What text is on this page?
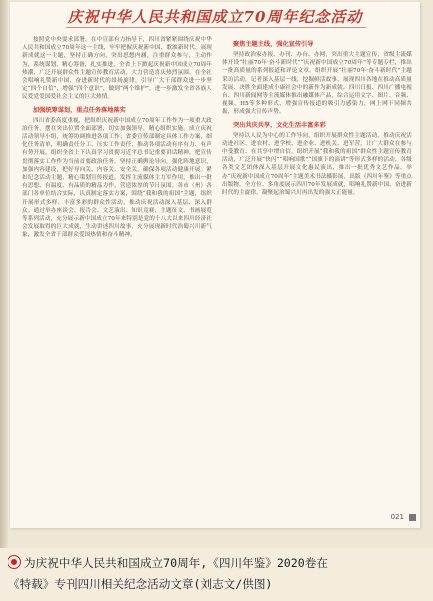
庆祝中华人民共和国成立70周年纪念活动
按照党中央要求部署，在中宣部有力指导下，四川省紧紧围绕庆祝中华人民共和国成立70周年这一主线，牢牢把握庆祝新中国、歌颂新时代、展现新成就这一主题，坚持正确方向，突出思想内涵，注重群众参与，主动作为，系统谋划，精心筹备，扎实推进，全省上下掀起庆祝新中国成立70周年热潮，广泛开展群众性主题宣传教育活动，大力营造喜庆热烈氛围，在全社会唱响礼赞新中国、奋进新时代的昂扬旋律，引导广大干部群众进一步坚定“四个自信”，增强“四个意识”，做到“两个维护”，进一步激发全省各族人民爱党爱国爱社会主义的巨大热情。
加强统筹谋划，重点任务落地落实
四川省委高度重视，把组织庆祝新中国成立70周年工作作为一项重大政治任务，摆在突出位置全面部署，切实加强领导，精心组织实施。成立庆祝活动领导小组，统筹协调推进各项工作；省委宣传部制定具体工作方案，细化任务清单，明确责任分工，压实工作责任，推动各项活动有序有力、有声有势开展。组织全省上下认真学习贯彻习近平总书记重要讲话精神，把宣传贯彻落实工作作为当前首要政治任务。坚持正确舆论导向，强化阵地意识，加强内容建设，把好导向关、内容关、安全关，确保各项活动健康开展。紧扣纪念活动主题，精心策划宣传报道，发挥主流媒体主力军作用，推出一批有思想、有温度、有品质的精品力作，营造浓厚的节日氛围。各市（州）各部门各单位结合实际，认真制定落实方案，围绕“我和我的祖国”主题，组织开展形式多样、丰富多彩的群众性活动，推动庆祝活动深入基层、深入群众。通过举办座谈会、报告会、文艺演出、知识竞赛、主题征文、书画展览等系列活动，充分展示新中国成立70年来特别是党的十八大以来四川经济社会发展取得的巨大成就，生动讲述四川故事，充分展现新时代治蜀兴川新气象，激发全省干部群众爱国热情和奋斗精神。
聚焦主题主线，强化宣传引导
坚持政治家办报、办刊、办台、办网，突出重大主题宣传，省级主流媒体开设“壮丽70年·奋斗新时代”“庆祝新中国成立70周年”等专题专栏，推出一批高质量的系列报道和评论文章。组织开展“壮丽70年·奋斗新时代”主题采访活动，记者深入基层一线，挖掘鲜活故事，展现四川各地在推动高质量发展、决胜全面建成小康社会中的新作为新成就。四川日报、四川广播电视台、四川新闻网等主流媒体推出融媒体产品，综合运用文字、图片、音频、视频、H5等多种形式，增强宣传报道的吸引力感染力，网上网下同频共振，形成强大宣传声势。
突出共庆共享，文化生活丰富多彩
坚持以人民为中心的工作导向，组织开展群众性主题活动，推动庆祝活动进社区、进农村、进学校、进企业、进机关、进军营，让广大群众在参与中受教育、在共享中增自信。组织开展“我和我的祖国”群众性主题宣传教育活动，广泛开展“快闪”“唱响国歌”“国旗下的演讲”等形式多样的活动，各级各类文艺团体深入基层开展文化惠民演出，推出一批优秀文艺作品。举办“庆祝新中国成立70周年”主题美术书法摄影展，出版《四川年鉴》等重点出版物，全方位、多角度展示四川70年发展成就，唱响礼赞新中国、奋进新时代的主旋律，凝聚起治蜀兴川再出发的强大正能量。
021
为庆祝中华人民共和国成立70周年,《四川年鉴》2020卷在
《特载》专刊四川相关纪念活动文章(刘志文/供图)
